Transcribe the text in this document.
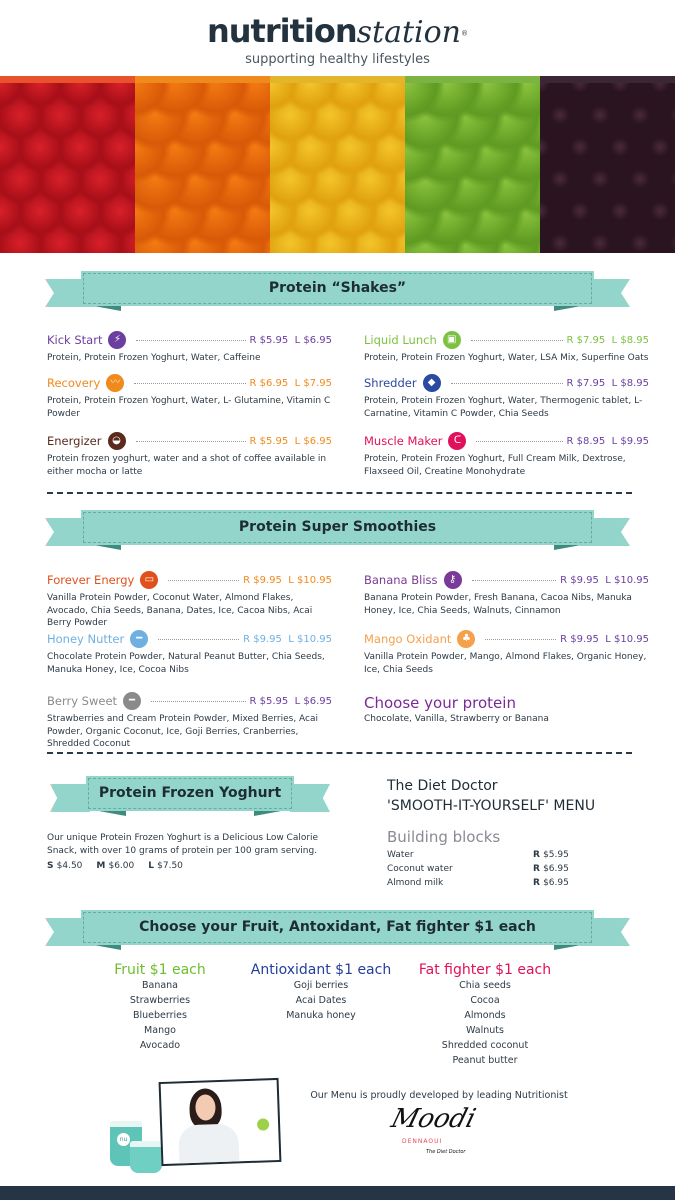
nutritionstation®
supporting healthy lifestyles
Protein “Shakes”
Kick Start	⚡	R $5.95  L $6.95
Protein, Protein Frozen Yoghurt, Water, Caffeine
Recovery	〰	R $6.95  L $7.95
Protein, Protein Frozen Yoghurt, Water, L- Glutamine, Vitamin C Powder
Energizer	◒	R $5.95  L $6.95
Protein frozen yoghurt, water and a shot of coffee available in either mocha or latte
Liquid Lunch	▣	R $7.95  L $8.95
Protein, Protein Frozen Yoghurt, Water, LSA Mix, Superfine Oats
Shredder	◆	R $7.95  L $8.95
Protein, Protein Frozen Yoghurt, Water, Thermogenic tablet, L-Carnatine, Vitamin C Powder, Chia Seeds
Muscle Maker	ᑕ	R $8.95  L $9.95
Protein, Protein Frozen Yoghurt, Full Cream Milk, Dextrose, Flaxseed Oil, Creatine Monohydrate
Protein Super Smoothies
Forever Energy	▭	R $9.95  L $10.95
Vanilla Protein Powder, Coconut Water, Almond Flakes, Avocado, Chia Seeds, Banana, Dates, Ice, Cacoa Nibs, Acai Berry Powder
Honey Nutter	━	R $9.95  L $10.95
Chocolate Protein Powder, Natural Peanut Butter, Chia Seeds, Manuka Honey, Ice, Cocoa Nibs
Berry Sweet	━	R $5.95  L $6.95
Strawberries and Cream Protein Powder, Mixed Berries, Acai Powder, Organic Coconut, Ice, Goji Berries, Cranberries, Shredded Coconut
Banana Bliss	⚷	R $9.95  L $10.95
Banana Protein Powder, Fresh Banana, Cacoa Nibs, Manuka Honey, Ice, Chia Seeds, Walnuts, Cinnamon
Mango Oxidant	♣	R $9.95  L $10.95
Vanilla Protein Powder, Mango, Almond Flakes, Organic Honey, Ice, Chia Seeds
Choose your protein
Chocolate, Vanilla, Strawberry or Banana
Protein Frozen Yoghurt
Our unique Protein Frozen Yoghurt is a Delicious Low Calorie Snack, with over 10 grams of protein per 100 gram serving.
S $4.50 M $6.00 L $7.50
The Diet Doctor
'SMOOTH-IT-YOURSELF' MENU
Building blocks
Water	R $5.95
Coconut water	R $6.95
Almond milk	R $6.95
Choose your Fruit, Antoxidant, Fat fighter $1 each
Fruit $1 each
Banana
Strawberries
Blueberries
Mango
Avocado
Antioxidant $1 each
Goji berries
Acai Dates
Manuka honey
Fat fighter $1 each
Chia seeds
Cocoa
Almonds
Walnuts
Shredded coconut
Peanut butter
nu
Our Menu is proudly developed by leading Nutritionist
Moodi
DENNAOUI
The Diet Doctor
